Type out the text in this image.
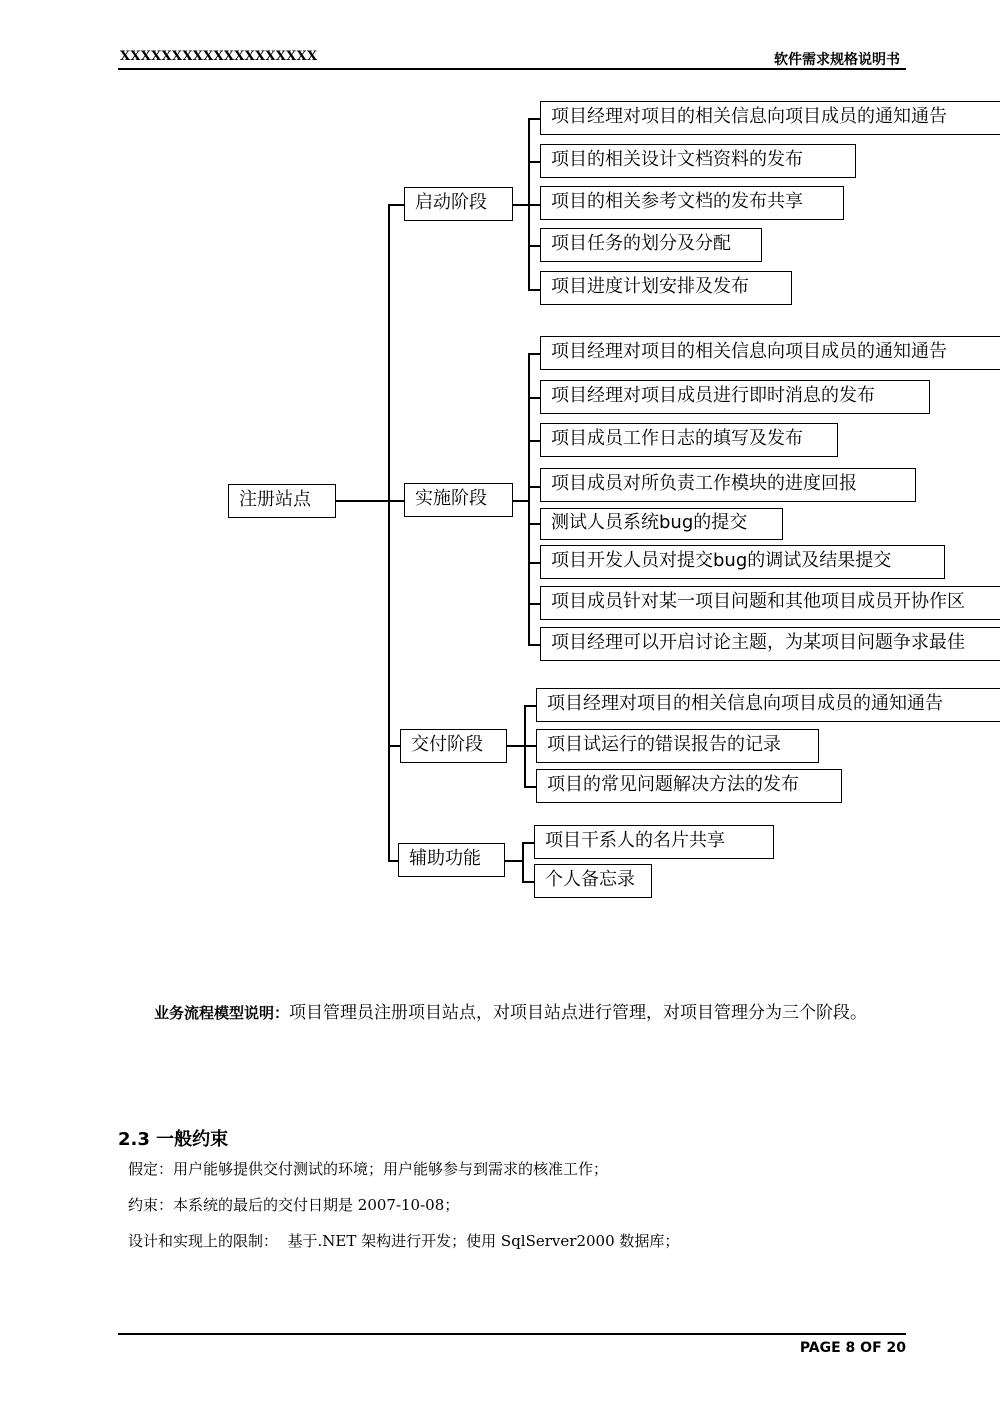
XXXXXXXXXXXXXXXXXXX	软件需求规格说明书
注册站点
启动阶段
项目经理对项目的相关信息向项目成员的通知通告
项目的相关设计文档资料的发布
项目的相关参考文档的发布共享
项目任务的划分及分配
项目进度计划安排及发布
实施阶段
项目经理对项目的相关信息向项目成员的通知通告
项目经理对项目成员进行即时消息的发布
项目成员工作日志的填写及发布
项目成员对所负责工作模块的进度回报
测试人员系统bug的提交
项目开发人员对提交bug的调试及结果提交
项目成员针对某一项目问题和其他项目成员开协作区
项目经理可以开启讨论主题，为某项目问题争求最佳
交付阶段
项目经理对项目的相关信息向项目成员的通知通告
项目试运行的错误报告的记录
项目的常见问题解决方法的发布
辅助功能
项目干系人的名片共享
个人备忘录
业务流程模型说明：项目管理员注册项目站点，对项目站点进行管理，对项目管理分为三个阶段。
2.3 一般约束
假定：用户能够提供交付测试的环境；用户能够参与到需求的核准工作；
约束：本系统的最后的交付日期是 2007-10-08；
设计和实现上的限制：  基于.NET 架构进行开发；使用 SqlServer2000 数据库；
PAGE 8 OF 20
